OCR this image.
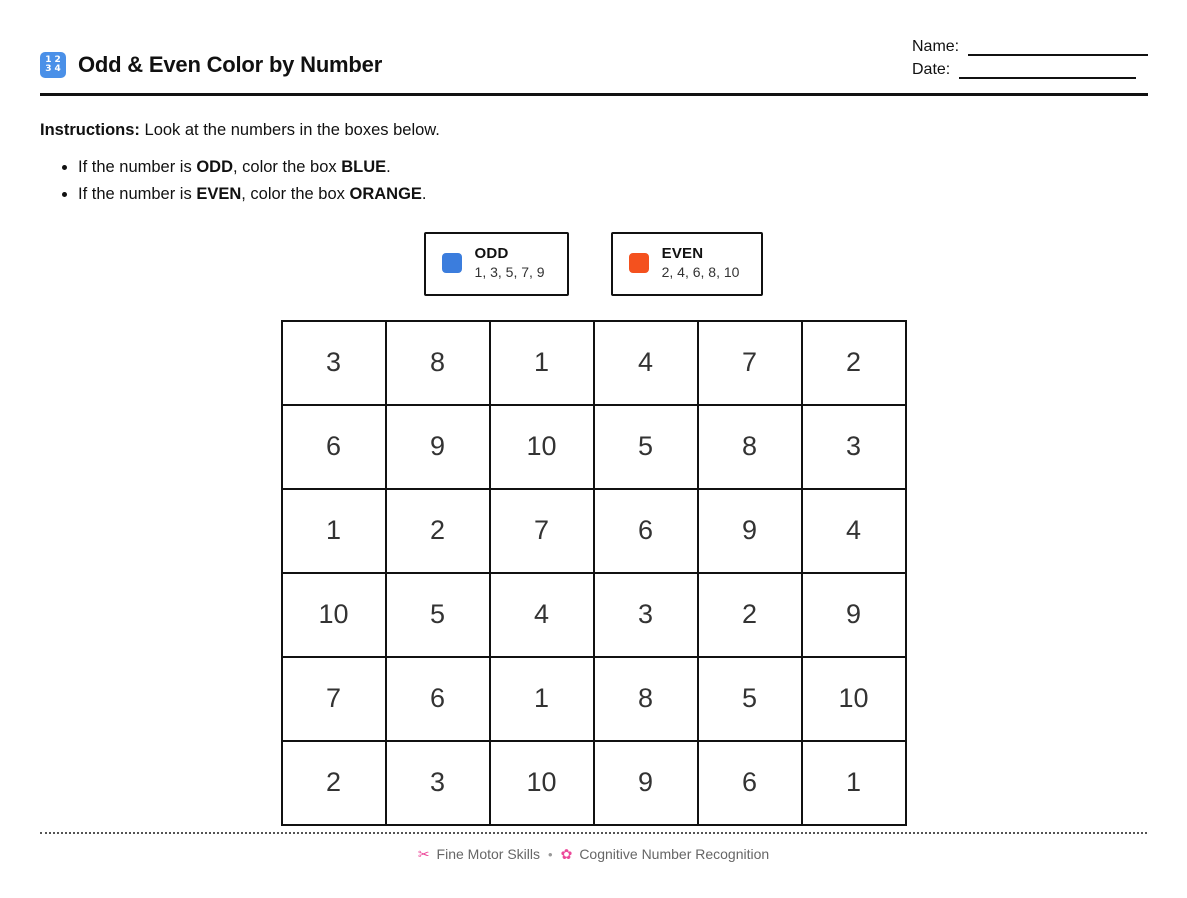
12
34 Odd & Even Color by Number
Name:
Date:
Instructions: Look at the numbers in the boxes below.
• If the number is ODD, color the box BLUE.
• If the number is EVEN, color the box ORANGE.
ODD
1, 3, 5, 7, 9
EVEN
2, 4, 6, 8, 10
3	8	1	4	7	2
6	9	10	5	8	3
1	2	7	6	9	4
10	5	4	3	2	9
7	6	1	8	5	10
2	3	10	9	6	1
✂ Fine Motor Skills • ✿ Cognitive Number Recognition
